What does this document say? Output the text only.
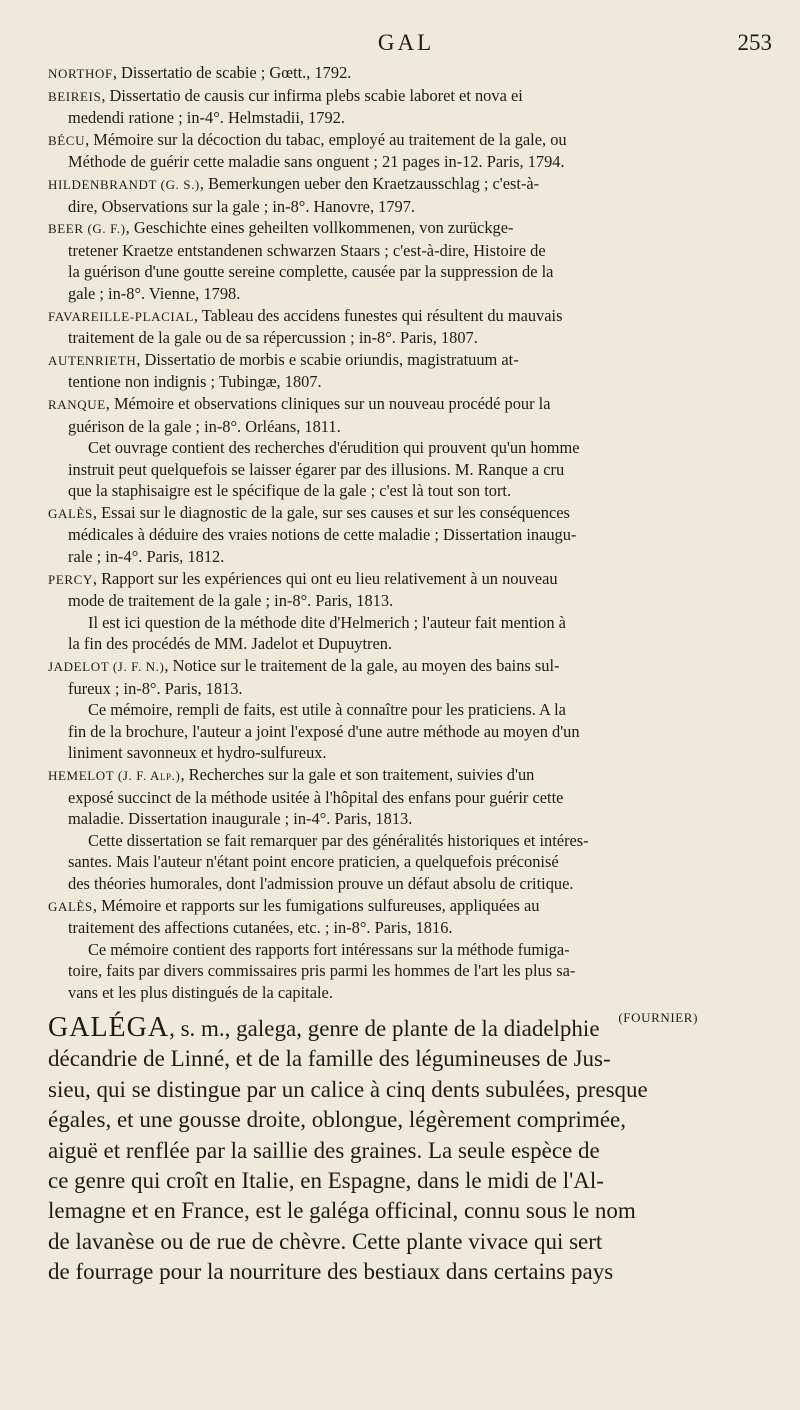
GAL	253
NORTHOF, Dissertatio de scabie ; Gœtt., 1792.
BEIREIS, Dissertatio de causis cur infirma plebs scabie laboret et nova ei
medendi ratione ; in-4°. Helmstadii, 1792.
BÉCU, Mémoire sur la décoction du tabac, employé au traitement de la gale, ou
Méthode de guérir cette maladie sans onguent ; 21 pages in-12. Paris, 1794.
HILDENBRANDT (G. S.), Bemerkungen ueber den Kraetzausschlag ; c'est-à-
dire, Observations sur la gale ; in-8°. Hanovre, 1797.
BEER (G. F.), Geschichte eines geheilten vollkommenen, von zurückge-
tretener Kraetze entstandenen schwarzen Staars ; c'est-à-dire, Histoire de
la guérison d'une goutte sereine complette, causée par la suppression de la
gale ; in-8°. Vienne, 1798.
FAVAREILLE-PLACIAL, Tableau des accidens funestes qui résultent du mauvais
traitement de la gale ou de sa répercussion ; in-8°. Paris, 1807.
AUTENRIETH, Dissertatio de morbis e scabie oriundis, magistratuum at-
tentione non indignis ; Tubingæ, 1807.
RANQUE, Mémoire et observations cliniques sur un nouveau procédé pour la
guérison de la gale ; in-8°. Orléans, 1811.
Cet ouvrage contient des recherches d'érudition qui prouvent qu'un homme
instruit peut quelquefois se laisser égarer par des illusions. M. Ranque a cru
que la staphisaigre est le spécifique de la gale ; c'est là tout son tort.
GALÈS, Essai sur le diagnostic de la gale, sur ses causes et sur les conséquences
médicales à déduire des vraies notions de cette maladie ; Dissertation inaugu-
rale ; in-4°. Paris, 1812.
PERCY, Rapport sur les expériences qui ont eu lieu relativement à un nouveau
mode de traitement de la gale ; in-8°. Paris, 1813.
Il est ici question de la méthode dite d'Helmerich ; l'auteur fait mention à
la fin des procédés de MM. Jadelot et Dupuytren.
JADELOT (J. F. N.), Notice sur le traitement de la gale, au moyen des bains sul-
fureux ; in-8°. Paris, 1813.
Ce mémoire, rempli de faits, est utile à connaître pour les praticiens. A la
fin de la brochure, l'auteur a joint l'exposé d'une autre méthode au moyen d'un
liniment savonneux et hydro-sulfureux.
HEMELOT (J. F. Alp.), Recherches sur la gale et son traitement, suivies d'un
exposé succinct de la méthode usitée à l'hôpital des enfans pour guérir cette
maladie. Dissertation inaugurale ; in-4°. Paris, 1813.
Cette dissertation se fait remarquer par des généralités historiques et intéres-
santes. Mais l'auteur n'étant point encore praticien, a quelquefois préconisé
des théories humorales, dont l'admission prouve un défaut absolu de critique.
GALÈS, Mémoire et rapports sur les fumigations sulfureuses, appliquées au
traitement des affections cutanées, etc. ; in-8°. Paris, 1816.
Ce mémoire contient des rapports fort intéressans sur la méthode fumiga-
toire, faits par divers commissaires pris parmi les hommes de l'art les plus sa-
vans et les plus distingués de la capitale.
(FOURNIER)
GALÉGA, s. m., galega, genre de plante de la diadelphie
décandrie de Linné, et de la famille des légumineuses de Jus-
sieu, qui se distingue par un calice à cinq dents subulées, presque
égales, et une gousse droite, oblongue, légèrement comprimée,
aiguë et renflée par la saillie des graines. La seule espèce de
ce genre qui croît en Italie, en Espagne, dans le midi de l'Al-
lemagne et en France, est le galéga officinal, connu sous le nom
de lavanèse ou de rue de chèvre. Cette plante vivace qui sert
de fourrage pour la nourriture des bestiaux dans certains pays
